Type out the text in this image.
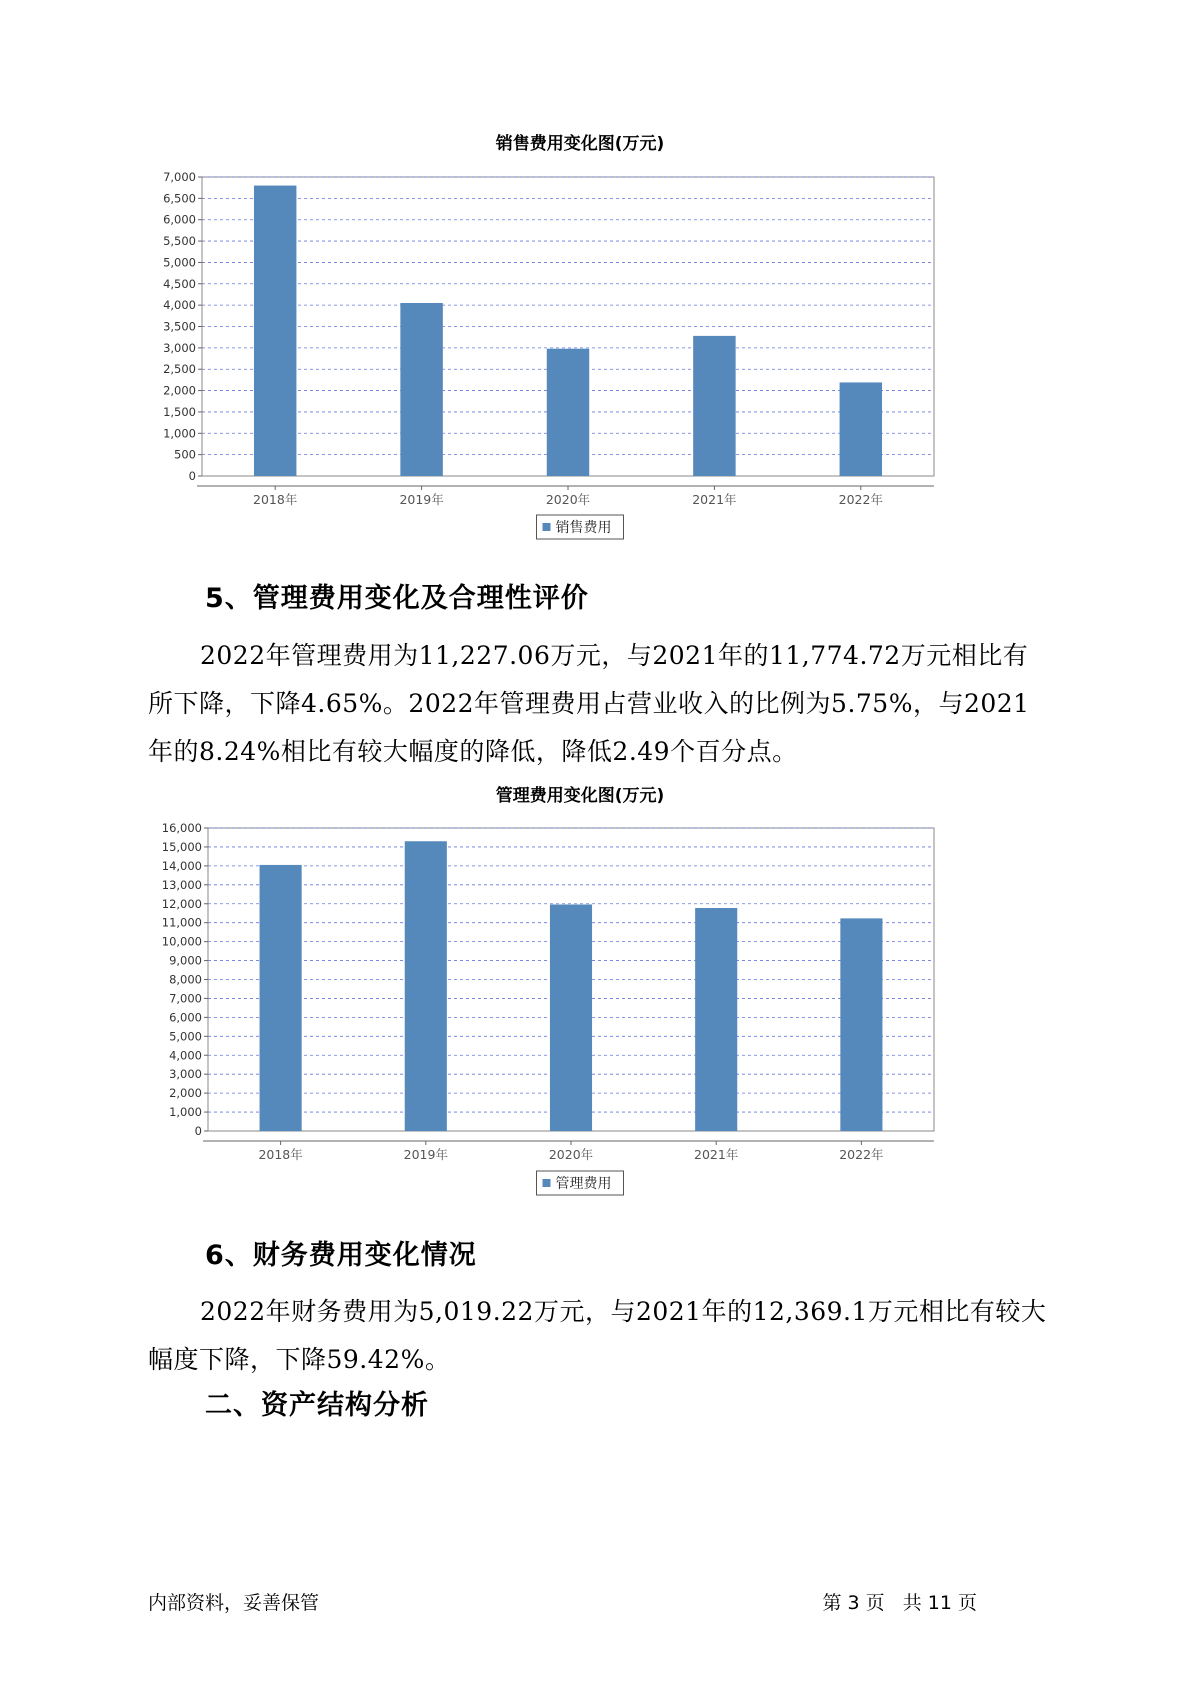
销售费用变化图(万元)
0
500
1,000
1,500
2,000
2,500
3,000
3,500
4,000
4,500
5,000
5,500
6,000
6,500
7,000
2018年	2019年	2020年	2021年	2022年
销售费用
5、管理费用变化及合理性评价

2022年管理费用为11,227.06万元，与2021年的11,774.72万元相比有所下降，下降4.65%。2022年管理费用占营业收入的比例为5.75%，与2021年的8.24%相比有较大幅度的降低，降低2.49个百分点。

管理费用变化图(万元)
0
1,000
2,000
3,000
4,000
5,000
6,000
7,000
8,000
9,000
10,000
11,000
12,000
13,000
14,000
15,000
16,000
2018年	2019年	2020年	2021年	2022年
管理费用
6、财务费用变化情况

2022年财务费用为5,019.22万元，与2021年的12,369.1万元相比有较大幅度下降，下降59.42%。

二、资产结构分析
内部资料，妥善保管	第 3 页   共 11 页
